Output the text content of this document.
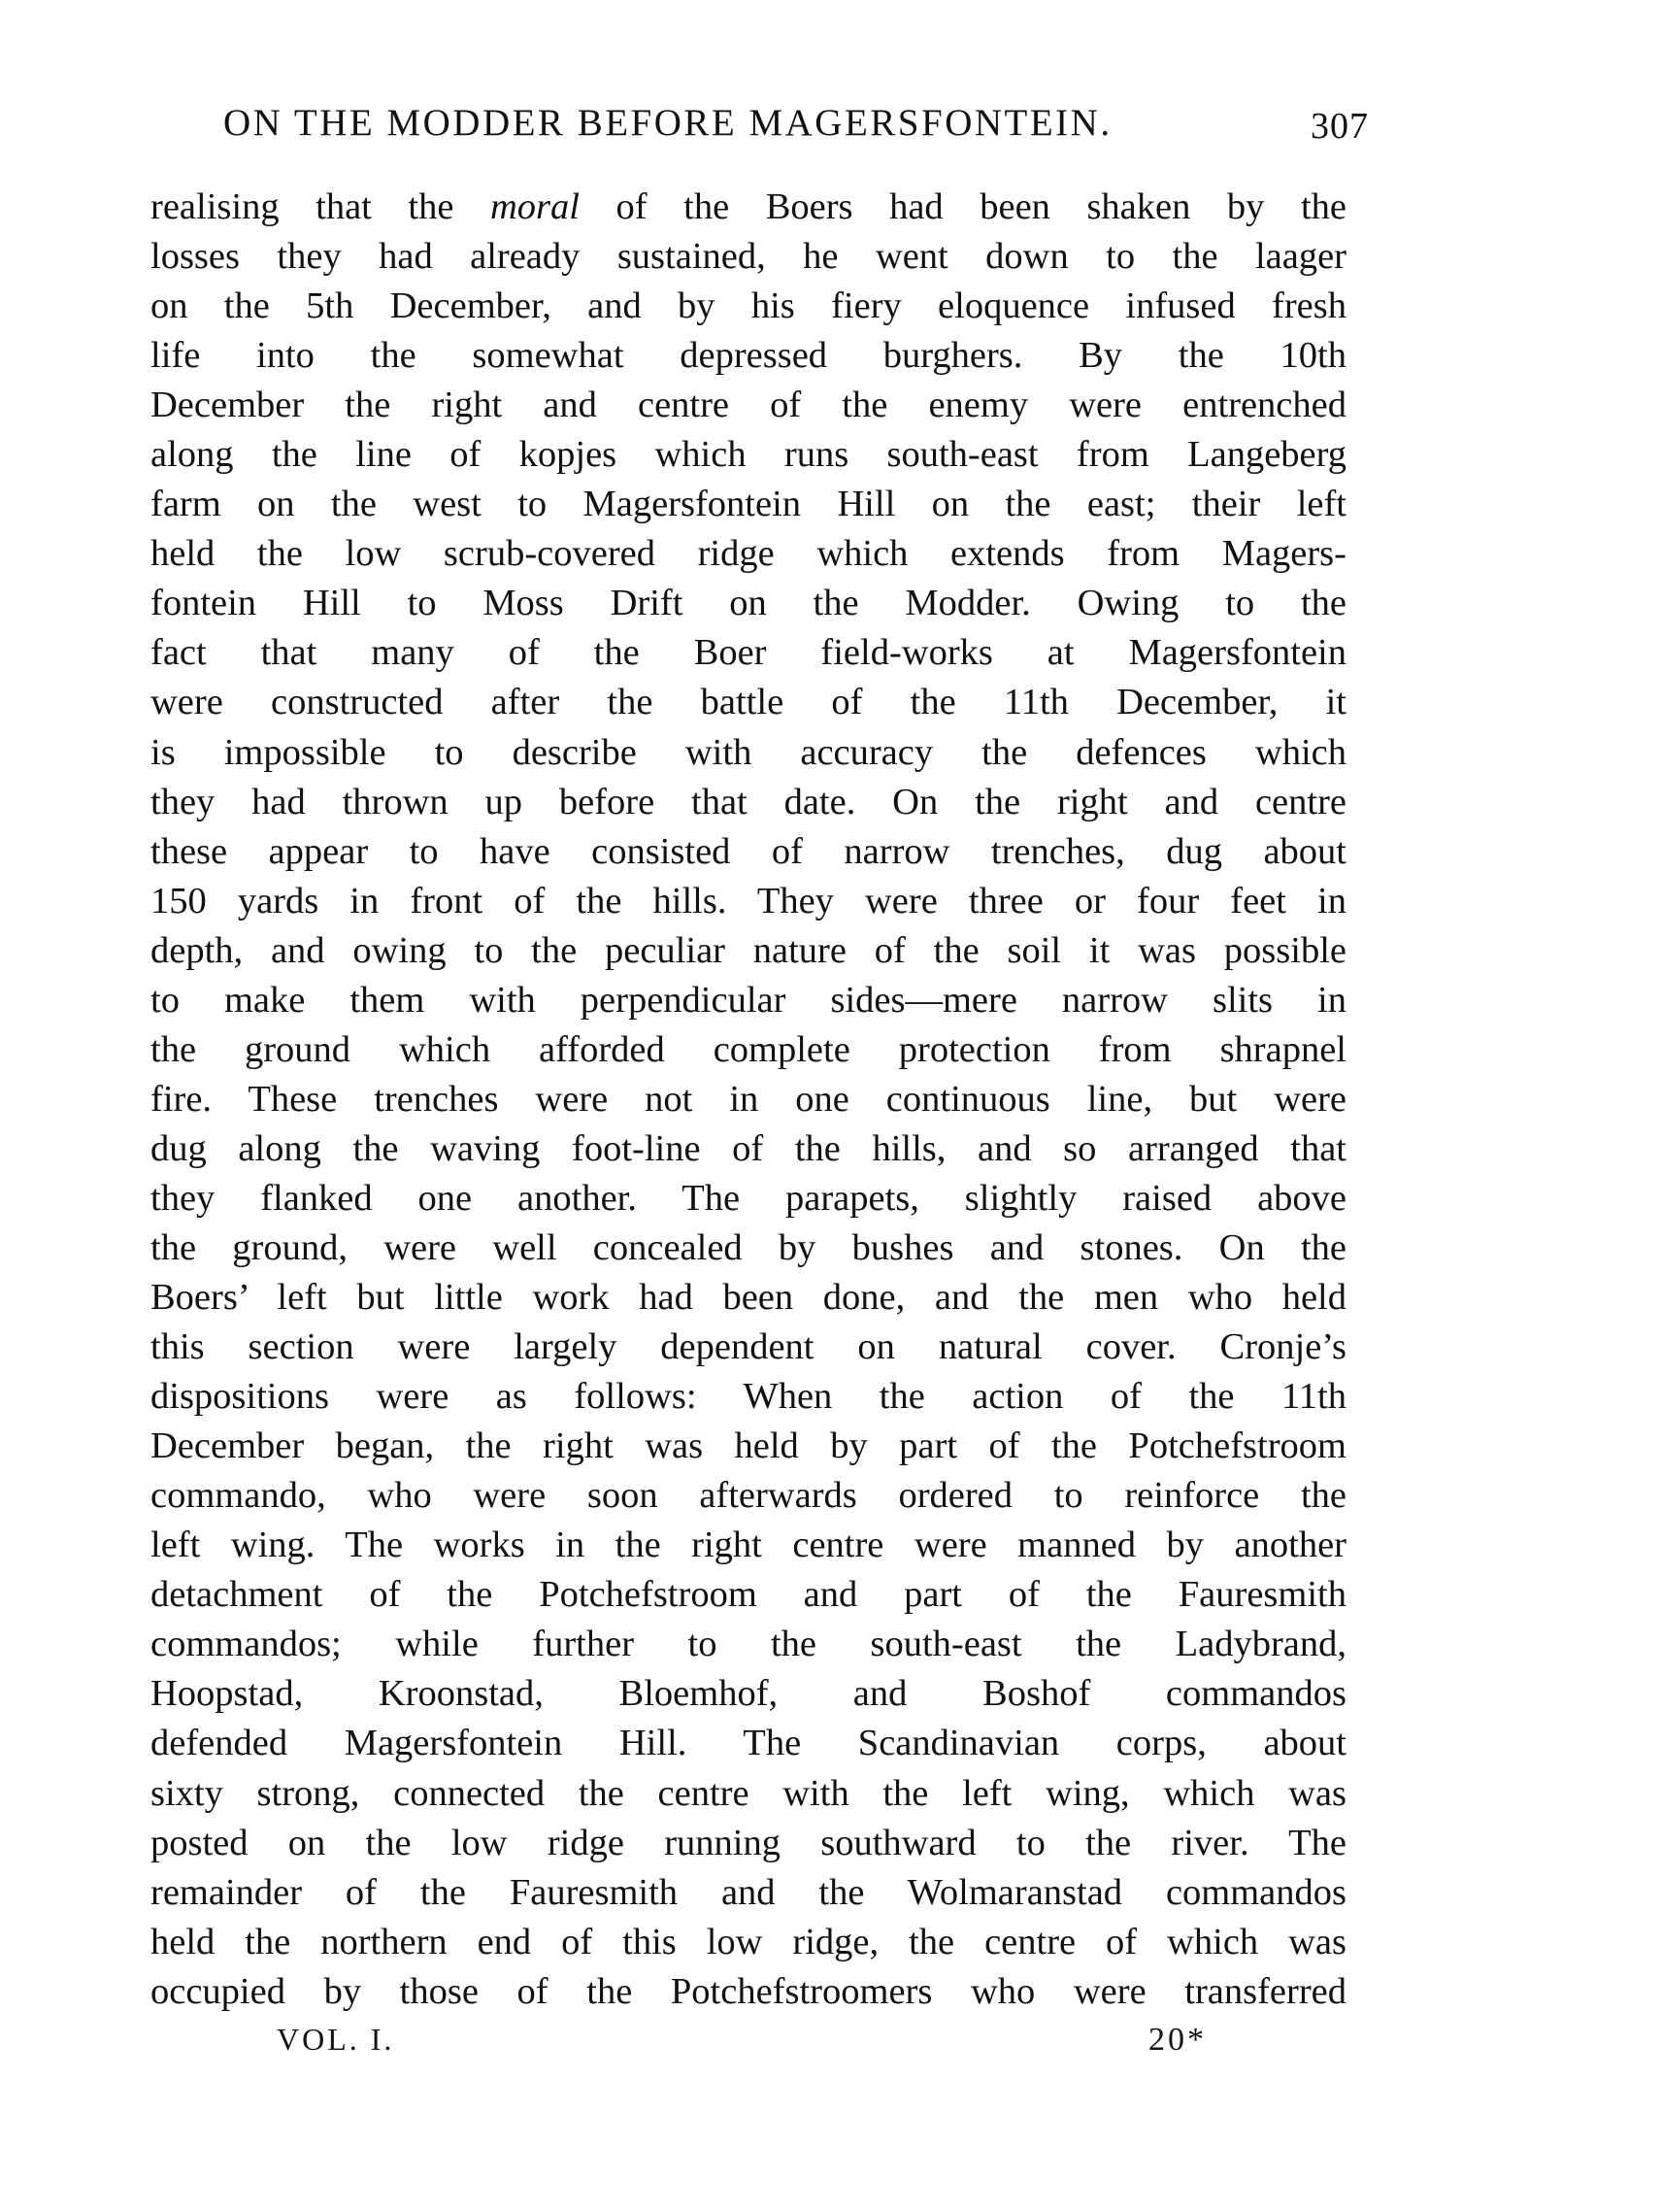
ON THE MODDER BEFORE MAGERSFONTEIN.	307
realising that the moral of the Boers had been shaken by the
losses they had already sustained, he went down to the laager
on the 5th December, and by his fiery eloquence infused fresh
life into the somewhat depressed burghers. By the 10th
December the right and centre of the enemy were entrenched
along the line of kopjes which runs south-east from Langeberg
farm on the west to Magersfontein Hill on the east; their left
held the low scrub-covered ridge which extends from Magers-
fontein Hill to Moss Drift on the Modder. Owing to the
fact that many of the Boer field-works at Magersfontein
were constructed after the battle of the 11th December, it
is impossible to describe with accuracy the defences which
they had thrown up before that date. On the right and centre
these appear to have consisted of narrow trenches, dug about
150 yards in front of the hills. They were three or four feet in
depth, and owing to the peculiar nature of the soil it was possible
to make them with perpendicular sides—mere narrow slits in
the ground which afforded complete protection from shrapnel
fire. These trenches were not in one continuous line, but were
dug along the waving foot-line of the hills, and so arranged that
they flanked one another. The parapets, slightly raised above
the ground, were well concealed by bushes and stones. On the
Boers’ left but little work had been done, and the men who held
this section were largely dependent on natural cover. Cronje’s
dispositions were as follows: When the action of the 11th
December began, the right was held by part of the Potchefstroom
commando, who were soon afterwards ordered to reinforce the
left wing. The works in the right centre were manned by another
detachment of the Potchefstroom and part of the Fauresmith
commandos; while further to the south-east the Ladybrand,
Hoopstad, Kroonstad, Bloemhof, and Boshof commandos
defended Magersfontein Hill. The Scandinavian corps, about
sixty strong, connected the centre with the left wing, which was
posted on the low ridge running southward to the river. The
remainder of the Fauresmith and the Wolmaranstad commandos
held the northern end of this low ridge, the centre of which was
occupied by those of the Potchefstroomers who were transferred
VOL. I.	20*
